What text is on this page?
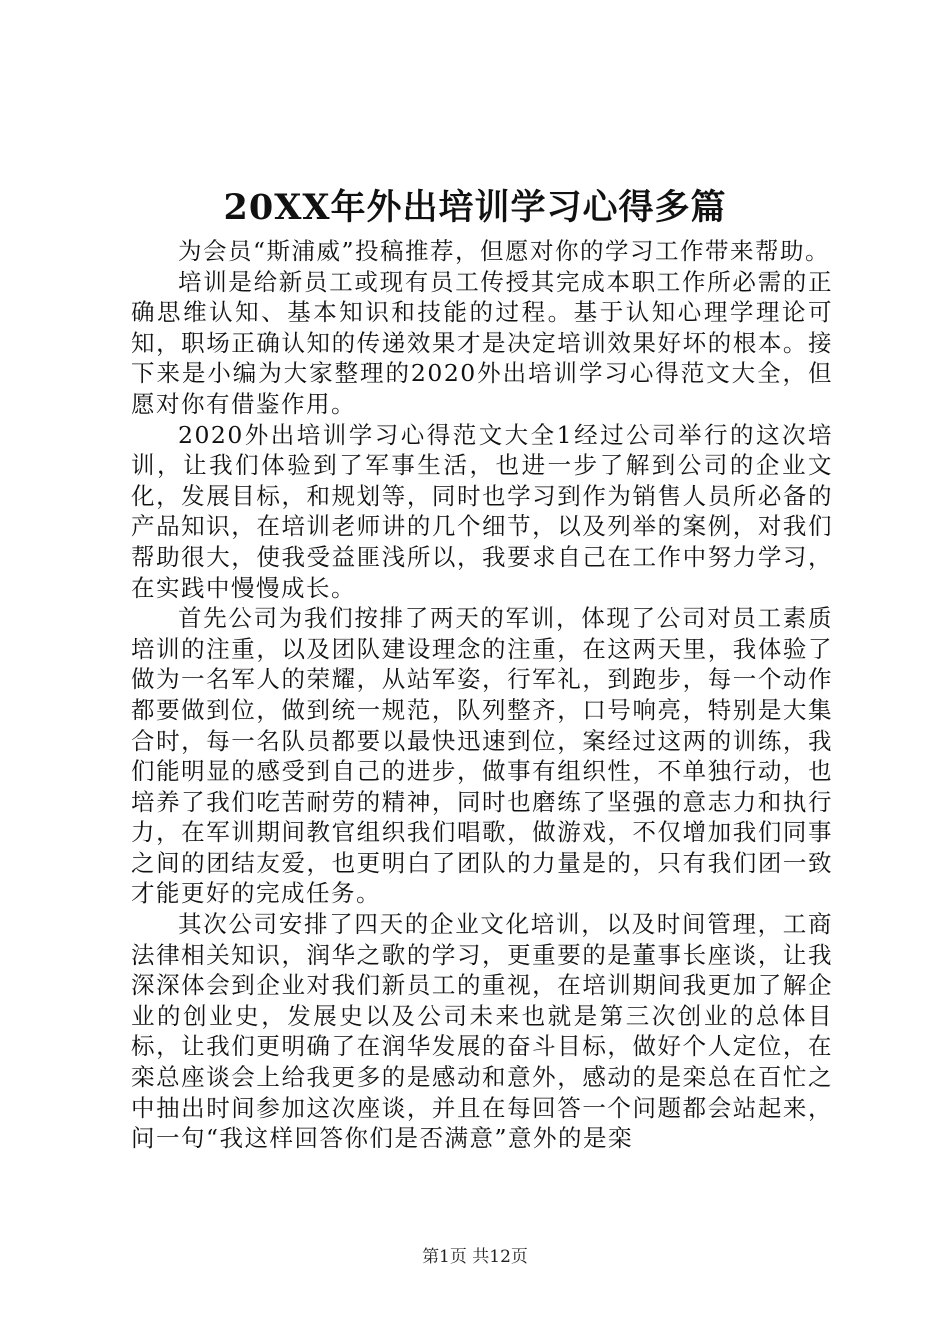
20XX年外出培训学习心得多篇

为会员“斯浦威”投稿推荐，但愿对你的学习工作带来帮助。

培训是给新员工或现有员工传授其完成本职工作所必需的正确思维认知、基本知识和技能的过程。基于认知心理学理论可知，职场正确认知的传递效果才是决定培训效果好坏的根本。接下来是小编为大家整理的2020外出培训学习心得范文大全，但愿对你有借鉴作用。

2020外出培训学习心得范文大全1经过公司举行的这次培训，让我们体验到了军事生活，也进一步了解到公司的企业文化，发展目标，和规划等，同时也学习到作为销售人员所必备的产品知识，在培训老师讲的几个细节，以及列举的案例，对我们帮助很大，使我受益匪浅所以，我要求自己在工作中努力学习，在实践中慢慢成长。

首先公司为我们按排了两天的军训，体现了公司对员工素质培训的注重，以及团队建设理念的注重，在这两天里，我体验了做为一名军人的荣耀，从站军姿，行军礼，到跑步，每一个动作都要做到位，做到统一规范，队列整齐，口号响亮，特别是大集合时，每一名队员都要以最快迅速到位，案经过这两的训练，我们能明显的感受到自己的进步，做事有组织性，不单独行动，也培养了我们吃苦耐劳的精神，同时也磨练了坚强的意志力和执行力，在军训期间教官组织我们唱歌，做游戏，不仅增加我们同事之间的团结友爱，也更明白了团队的力量是的，只有我们团一致才能更好的完成任务。

其次公司安排了四天的企业文化培训，以及时间管理，工商法律相关知识，润华之歌的学习，更重要的是董事长座谈，让我深深体会到企业对我们新员工的重视，在培训期间我更加了解企业的创业史，发展史以及公司未来也就是第三次创业的总体目标，让我们更明确了在润华发展的奋斗目标，做好个人定位，在栾总座谈会上给我更多的是感动和意外，感动的是栾总在百忙之中抽出时间参加这次座谈，并且在每回答一个问题都会站起来，问一句“我这样回答你们是否满意”意外的是栾

第1页 共12页
